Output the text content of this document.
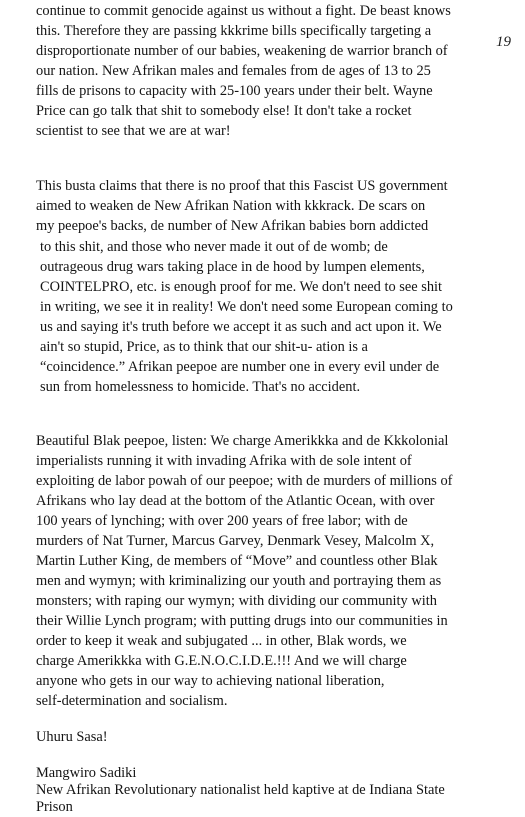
19
continue to commit genocide against us without a fight. De beast knows
this. Therefore they are passing kkkrime bills specifically targeting a
disproportionate number of our babies, weakening de warrior branch of
our nation. New Afrikan males and females from de ages of 13 to 25
fills de prisons to capacity with 25-100 years under their belt. Wayne
Price can go talk that shit to somebody else! It don't take a rocket
scientist to see that we are at war!
This busta claims that there is no proof that this Fascist US government
aimed to weaken de New Afrikan Nation with kkkrack. De scars on
my peepoe's backs, de number of New Afrikan babies born addicted
to this shit, and those who never made it out of de womb; de
outrageous drug wars taking place in de hood by lumpen elements,
COINTELPRO, etc. is enough proof for me. We don't need to see shit
in writing, we see it in reality! We don't need some European coming to
us and saying it's truth before we accept it as such and act upon it. We
ain't so stupid, Price, as to think that our shit-u- ation is a
“coincidence.” Afrikan peepoe are number one in every evil under de
sun from homelessness to homicide. That's no accident.
Beautiful Blak peepoe, listen: We charge Amerikkka and de Kkkolonial
imperialists running it with invading Afrika with de sole intent of
exploiting de labor powah of our peepoe; with de murders of millions of
Afrikans who lay dead at the bottom of the Atlantic Ocean, with over
100 years of lynching; with over 200 years of free labor; with de
murders of Nat Turner, Marcus Garvey, Denmark Vesey, Malcolm X,
Martin Luther King, de members of “Move” and countless other Blak
men and wymyn; with kriminalizing our youth and portraying them as
monsters; with raping our wymyn; with dividing our community with
their Willie Lynch program; with putting drugs into our communities in
order to keep it weak and subjugated ... in other, Blak words, we
charge Amerikkka with G.E.N.O.C.I.D.E.!!! And we will charge
anyone who gets in our way to achieving national liberation,
self-determination and socialism.
Uhuru Sasa!
Mangwiro Sadiki
New Afrikan Revolutionary nationalist held kaptive at de Indiana State
Prison
